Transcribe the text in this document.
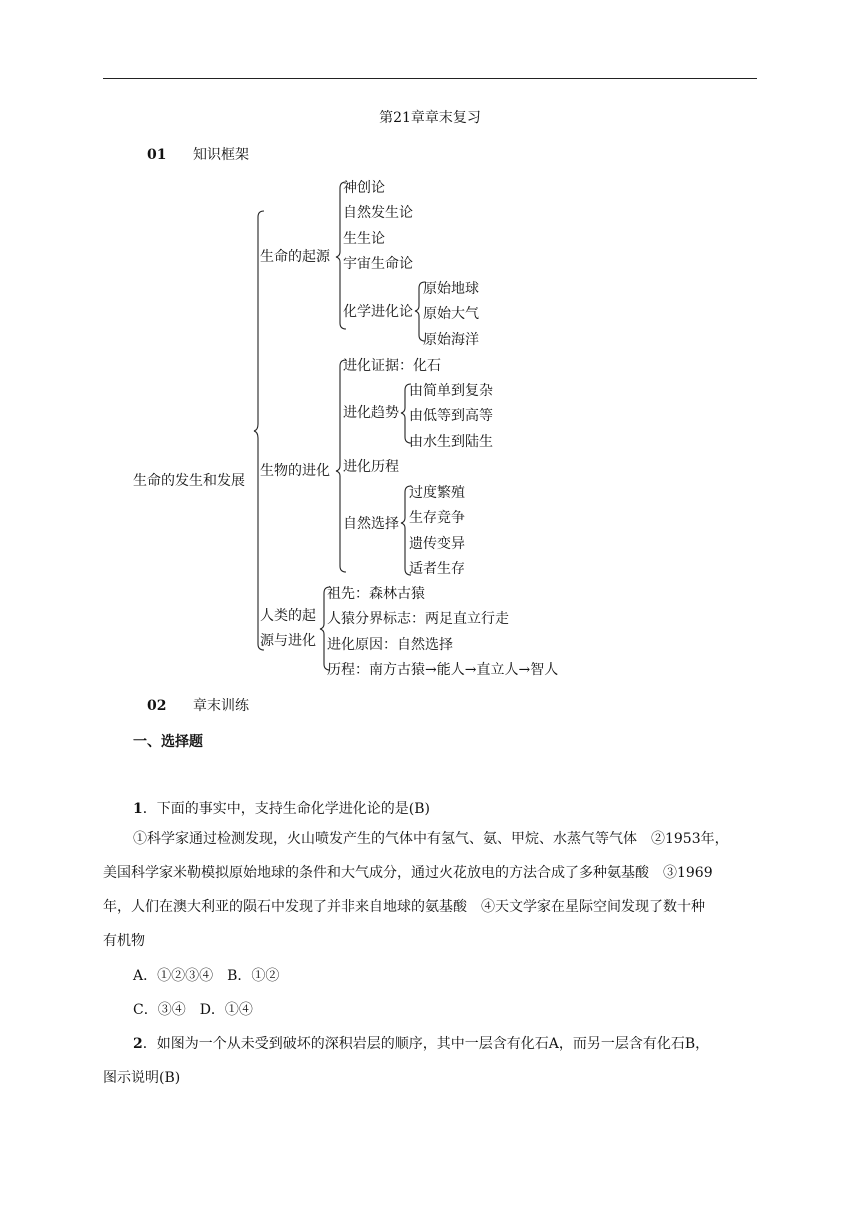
第21章章末复习
01 知识框架
生命的发生和发展
生命的起源
神创论
自然发生论
生生论
宇宙生命论
化学进化论
原始地球
原始大气
原始海洋
生物的进化
进化证据：化石
进化趋势
由简单到复杂
由低等到高等
由水生到陆生
进化历程
自然选择
过度繁殖
生存竞争
遗传变异
适者生存
人类的起
源与进化
祖先：森林古猿
人猿分界标志：两足直立行走
进化原因：自然选择
历程：南方古猿→能人→直立人→智人
02 章末训练
一、选择题
1．下面的事实中，支持生命化学进化论的是(B)
①科学家通过检测发现，火山喷发产生的气体中有氢气、氨、甲烷、水蒸气等气体　②1953年，
美国科学家米勒模拟原始地球的条件和大气成分，通过火花放电的方法合成了多种氨基酸　③1969
年，人们在澳大利亚的陨石中发现了并非来自地球的氨基酸　④天文学家在星际空间发现了数十种
有机物
A．①②③④　B．①②
C．③④　D．①④
2．如图为一个从未受到破坏的深积岩层的顺序，其中一层含有化石A，而另一层含有化石B，
图示说明(B)
